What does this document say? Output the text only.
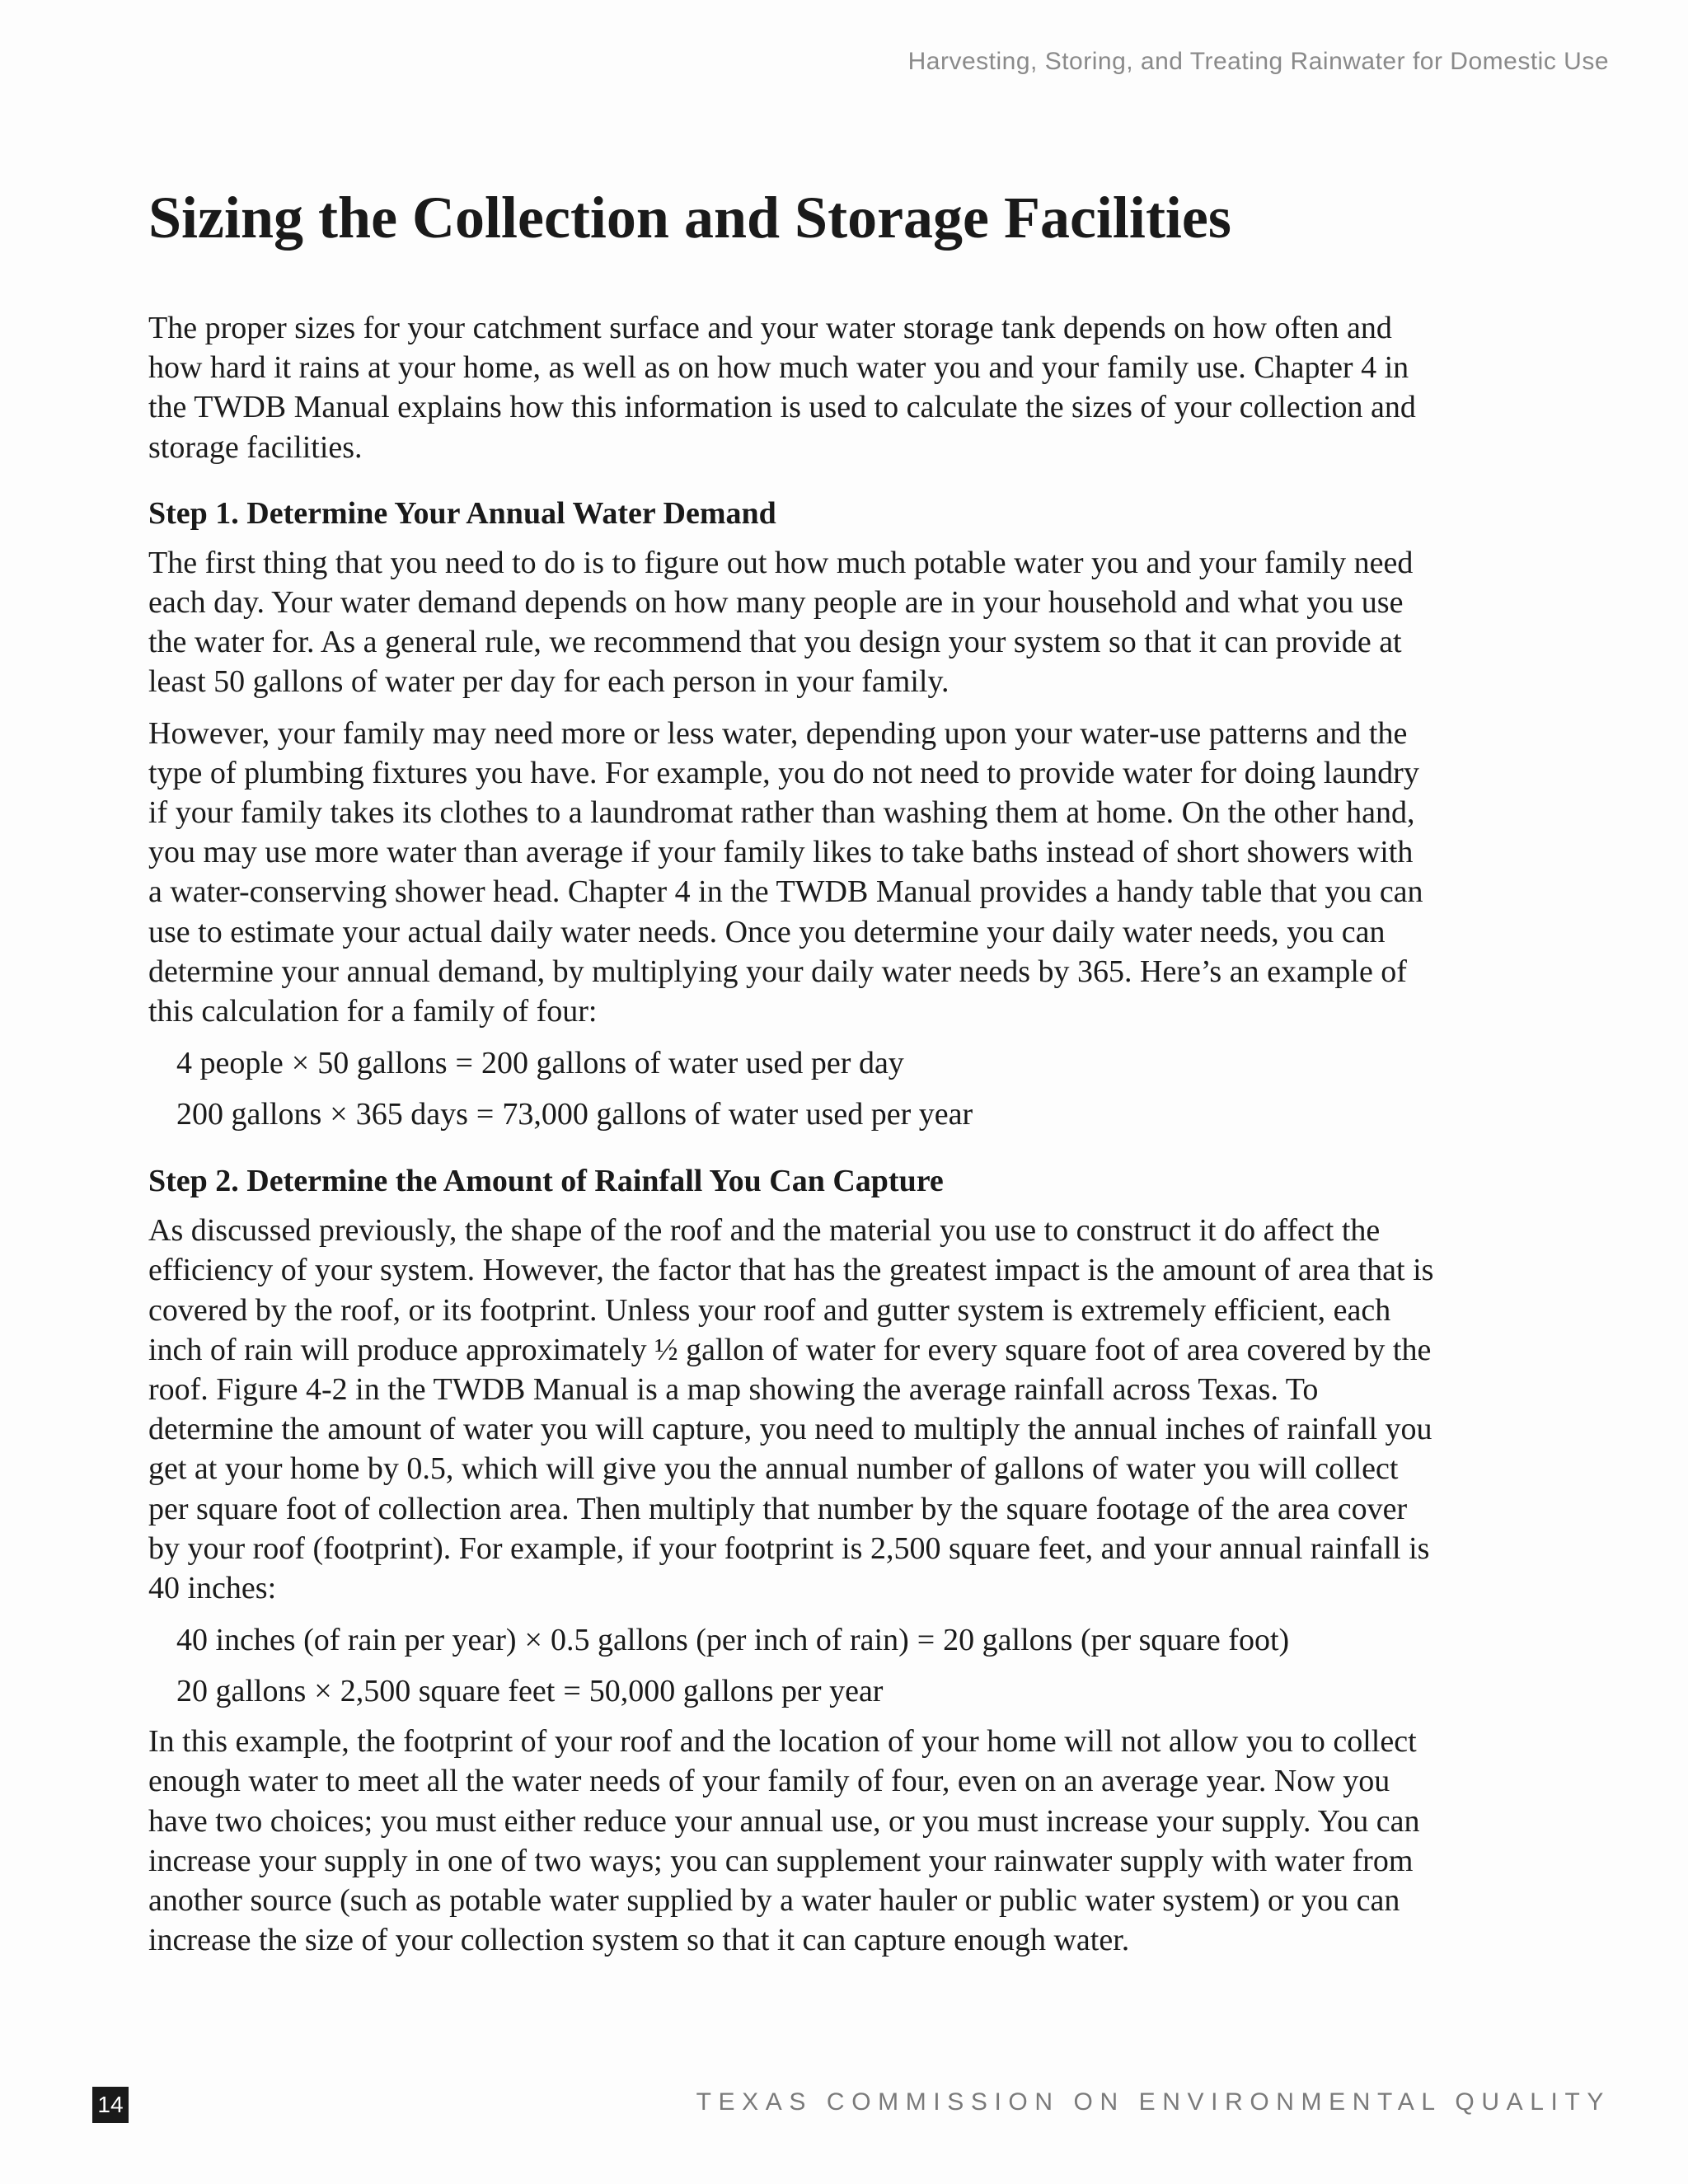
Harvesting, Storing, and Treating Rainwater for Domestic Use
Sizing the Collection and Storage Facilities

The proper sizes for your catchment surface and your water storage tank depends on how often and how hard it rains at your home, as well as on how much water you and your family use. Chapter 4 in the TWDB Manual explains how this information is used to calculate the sizes of your collection and storage facilities.

Step 1. Determine Your Annual Water Demand

The first thing that you need to do is to figure out how much potable water you and your family need each day. Your water demand depends on how many people are in your household and what you use the water for. As a general rule, we recommend that you design your system so that it can provide at least 50 gallons of water per day for each person in your family.

However, your family may need more or less water, depending upon your water-use patterns and the type of plumbing fixtures you have. For example, you do not need to provide water for doing laundry if your family takes its clothes to a laundromat rather than washing them at home. On the other hand, you may use more water than average if your family likes to take baths instead of short showers with a water-conserving shower head. Chapter 4 in the TWDB Manual provides a handy table that you can use to estimate your actual daily water needs. Once you determine your daily water needs, you can determine your annual demand, by multiplying your daily water needs by 365. Here’s an example of this calculation for a family of four:

4 people × 50 gallons = 200 gallons of water used per day
200 gallons × 365 days = 73,000 gallons of water used per year
Step 2. Determine the Amount of Rainfall You Can Capture

As discussed previously, the shape of the roof and the material you use to construct it do affect the efficiency of your system. However, the factor that has the greatest impact is the amount of area that is covered by the roof, or its footprint. Unless your roof and gutter system is extremely efficient, each inch of rain will produce approximately ½ gallon of water for every square foot of area covered by the roof. Figure 4-2 in the TWDB Manual is a map showing the average rainfall across Texas. To determine the amount of water you will capture, you need to multiply the annual inches of rainfall you get at your home by 0.5, which will give you the annual number of gallons of water you will collect per square foot of collection area. Then multiply that number by the square footage of the area cover by your roof (footprint). For example, if your footprint is 2,500 square feet, and your annual rainfall is 40 inches:

40 inches (of rain per year) × 0.5 gallons (per inch of rain) = 20 gallons (per square foot)
20 gallons × 2,500 square feet = 50,000 gallons per year

In this example, the footprint of your roof and the location of your home will not allow you to collect enough water to meet all the water needs of your family of four, even on an average year. Now you have two choices; you must either reduce your annual use, or you must increase your supply. You can increase your supply in one of two ways; you can supplement your rainwater supply with water from another source (such as potable water supplied by a water hauler or public water system) or you can increase the size of your collection system so that it can capture enough water.

14	TEXAS COMMISSION ON ENVIRONMENTAL QUALITY
